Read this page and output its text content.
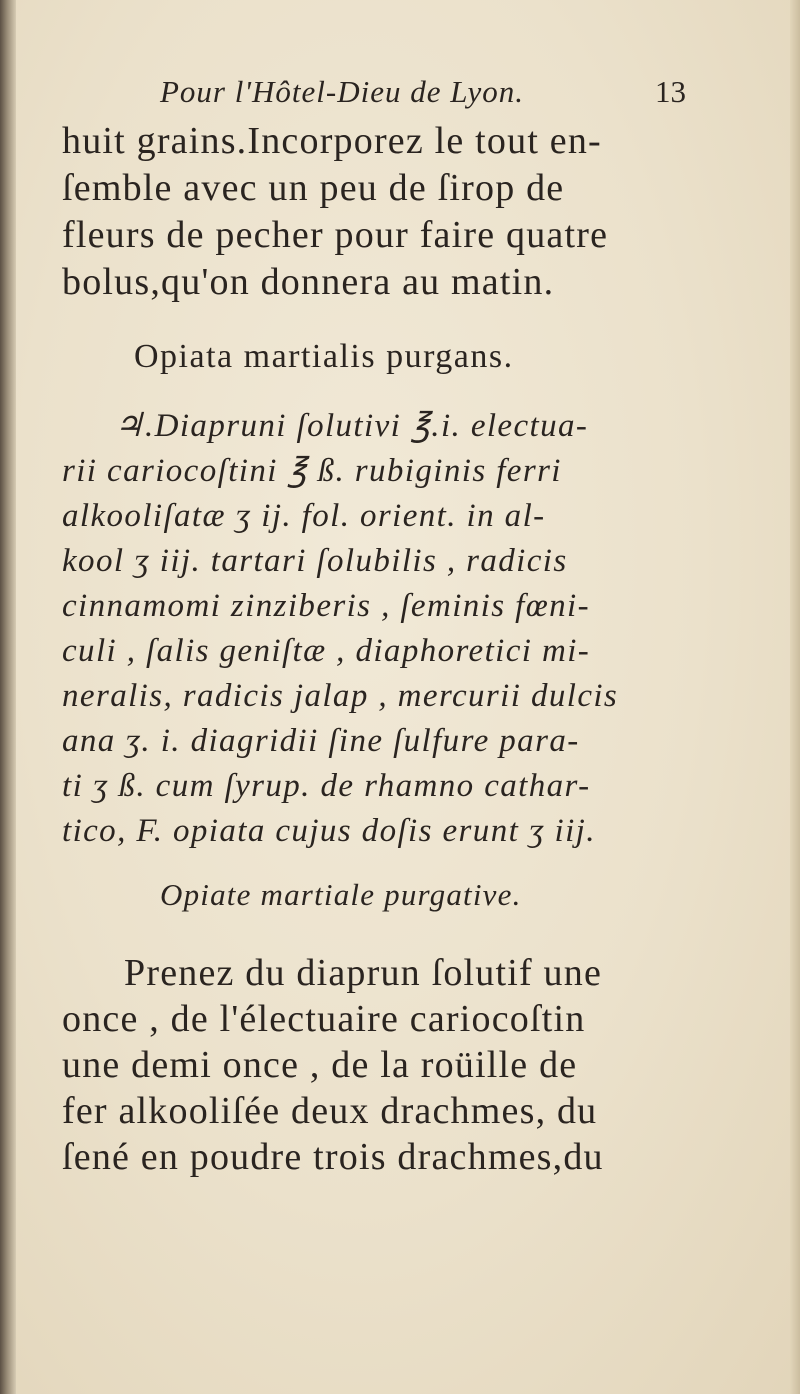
Pour l'Hôtel-Dieu de Lyon.	13

huit grains.Incorporez le tout en-
ſemble avec un peu de ſirop de
fleurs de pecher pour faire quatre
bolus,qu'on donnera au matin.

Opiata martialis purgans.

♃.Diapruni ſolutivi ℥.i. electua-
rii cariocoſtini ℥ ß. rubiginis ferri
alkooliſatæ ʒ ij. fol. orient. in al-
kool ʒ iij. tartari ſolubilis , radicis
cinnamomi zinziberis , ſeminis fœni-
culi , ſalis geniſtæ , diaphoretici mi-
neralis, radicis jalap , mercurii dulcis
ana ʒ. i. diagridii ſine ſulfure para-
ti ʒ ß. cum ſyrup. de rhamno cathar-
tico, F. opiata cujus doſis erunt ʒ iij.

Opiate martiale purgative.

Prenez du diaprun ſolutif une
once , de l'électuaire cariocoſtin
une demi once , de la roüille de
fer alkooliſée deux drachmes, du
ſené en poudre trois drachmes,du
